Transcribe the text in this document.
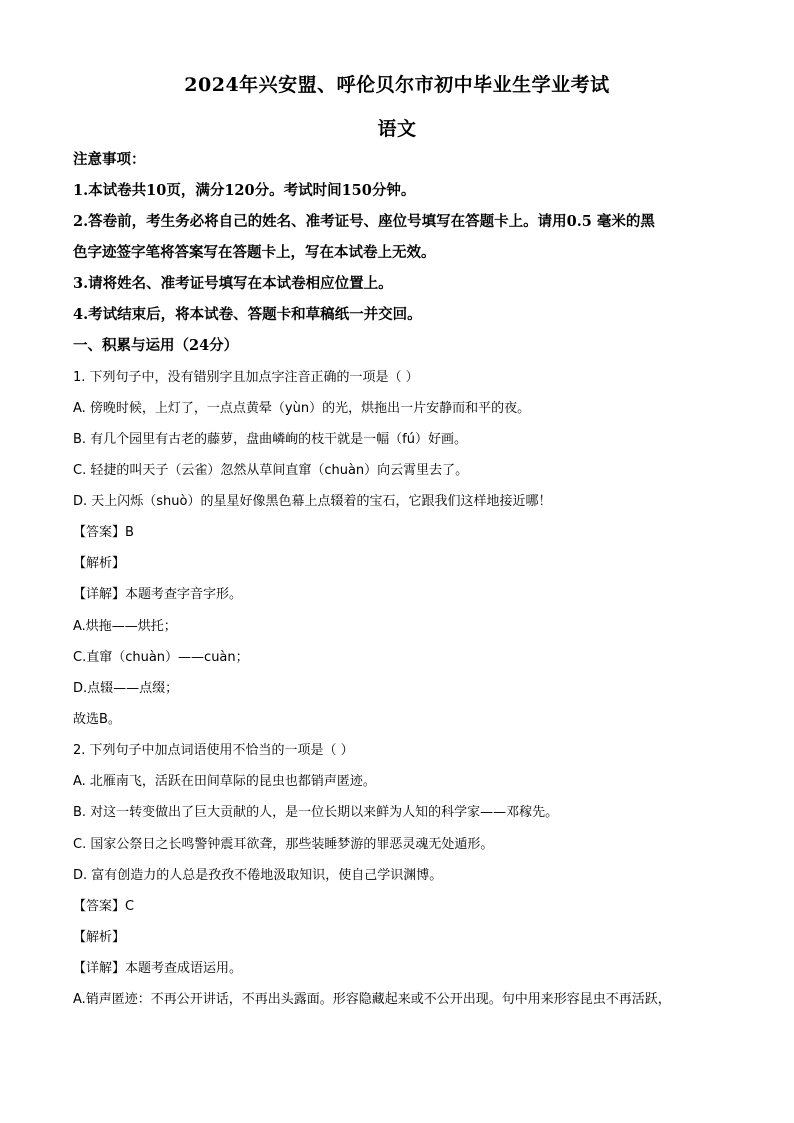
2024年兴安盟、呼伦贝尔市初中毕业生学业考试
语文
注意事项：
1.本试卷共10页，满分120分。考试时间150分钟。
2.答卷前，考生务必将自己的姓名、准考证号、座位号填写在答题卡上。请用0.5 毫米的黑
色字迹签字笔将答案写在答题卡上，写在本试卷上无效。
3.请将姓名、准考证号填写在本试卷相应位置上。
4.考试结束后，将本试卷、答题卡和草稿纸一并交回。
一、积累与运用（24分）
1. 下列句子中，没有错别字且加点字注音正确的一项是（ ）
A. 傍晚时候，上灯了，一点点黄晕（yùn）的光，烘拖出一片安静而和平的夜。
B. 有几个园里有古老的藤萝，盘曲嶙峋的枝干就是一幅（fú）好画。
C. 轻捷的叫天子（云雀）忽然从草间直窜（chuàn）向云霄里去了。
D. 天上闪烁（shuò）的星星好像黑色幕上点辍着的宝石，它跟我们这样地接近哪！
【答案】B
【解析】
【详解】本题考查字音字形。
A.烘拖——烘托；
C.直窜（chuàn）——cuàn；
D.点辍——点缀；
故选B。
2. 下列句子中加点词语使用不恰当的一项是（ ）
A. 北雁南飞，活跃在田间草际的昆虫也都销声匿迹。
B. 对这一转变做出了巨大贡献的人，是一位长期以来鲜为人知的科学家——邓稼先。
C. 国家公祭日之长鸣警钟震耳欲聋，那些装睡梦游的罪恶灵魂无处遁形。
D. 富有创造力的人总是孜孜不倦地汲取知识，使自己学识渊博。
【答案】C
【解析】
【详解】本题考查成语运用。
A.销声匿迹：不再公开讲话，不再出头露面。形容隐藏起来或不公开出现。句中用来形容昆虫不再活跃，
